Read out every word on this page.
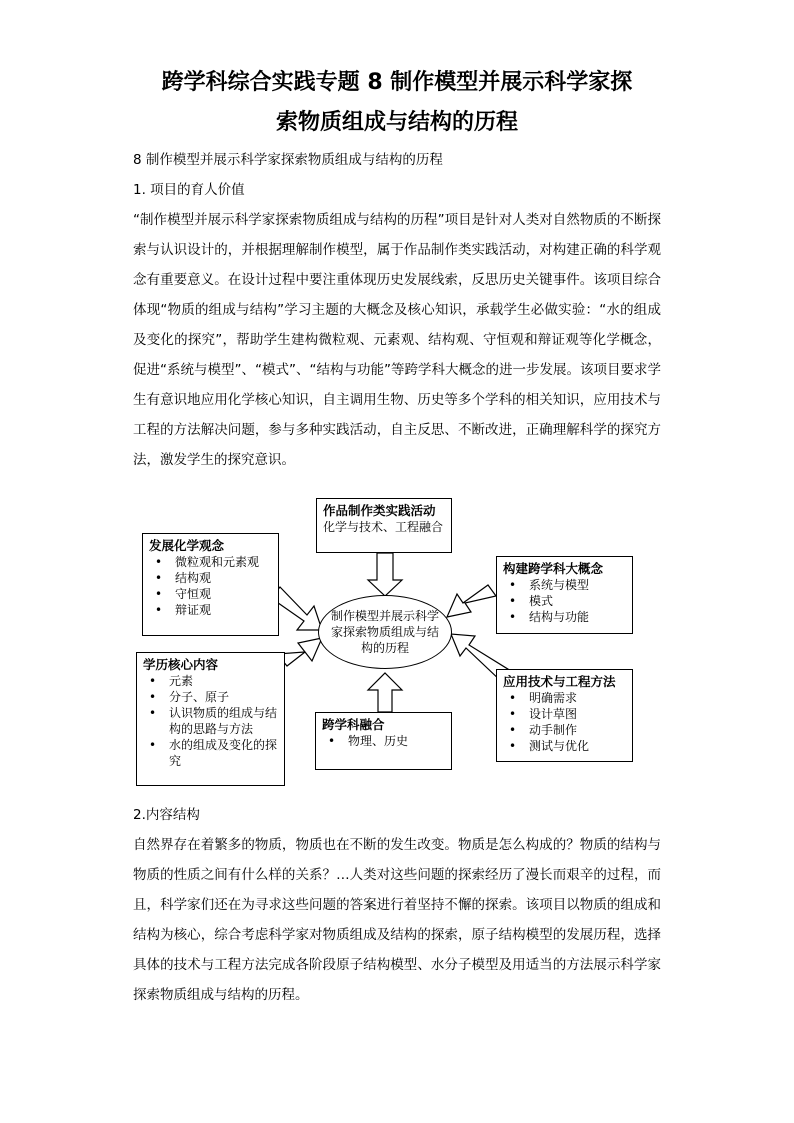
跨学科综合实践专题 8 制作模型并展示科学家探
索物质组成与结构的历程
8 制作模型并展示科学家探索物质组成与结构的历程
1. 项目的育人价值
“制作模型并展示科学家探索物质组成与结构的历程”项目是针对人类对自然物质的不断探索与认识设计的，并根据理解制作模型，属于作品制作类实践活动，对构建正确的科学观念有重要意义。在设计过程中要注重体现历史发展线索，反思历史关键事件。该项目综合体现“物质的组成与结构”学习主题的大概念及核心知识，承载学生必做实验：“水的组成及变化的探究”，帮助学生建构微粒观、元素观、结构观、守恒观和辩证观等化学概念，促进“系统与模型”、“模式”、“结构与功能”等跨学科大概念的进一步发展。该项目要求学生有意识地应用化学核心知识，自主调用生物、历史等多个学科的相关知识，应用技术与工程的方法解决问题，参与多种实践活动，自主反思、不断改进，正确理解科学的探究方法，激发学生的探究意识。
作品制作类实践活动
化学与技术、工程融合
发展化学观念
• 微粒观和元素观
• 结构观
• 守恒观
• 辩证观
构建跨学科大概念
• 系统与模型
• 模式
• 结构与功能
制作模型并展示科学家探索物质组成与结构的历程
学历核心内容
• 元素
• 分子、原子
• 认识物质的组成与结构的思路与方法
• 水的组成及变化的探究
跨学科融合
• 物理、历史
应用技术与工程方法
• 明确需求
• 设计草图
• 动手制作
• 测试与优化
2.内容结构
自然界存在着繁多的物质，物质也在不断的发生改变。物质是怎么构成的？物质的结构与物质的性质之间有什么样的关系？…人类对这些问题的探索经历了漫长而艰辛的过程，而且，科学家们还在为寻求这些问题的答案进行着坚持不懈的探索。该项目以物质的组成和结构为核心，综合考虑科学家对物质组成及结构的探索，原子结构模型的发展历程，选择具体的技术与工程方法完成各阶段原子结构模型、水分子模型及用适当的方法展示科学家探索物质组成与结构的历程。
